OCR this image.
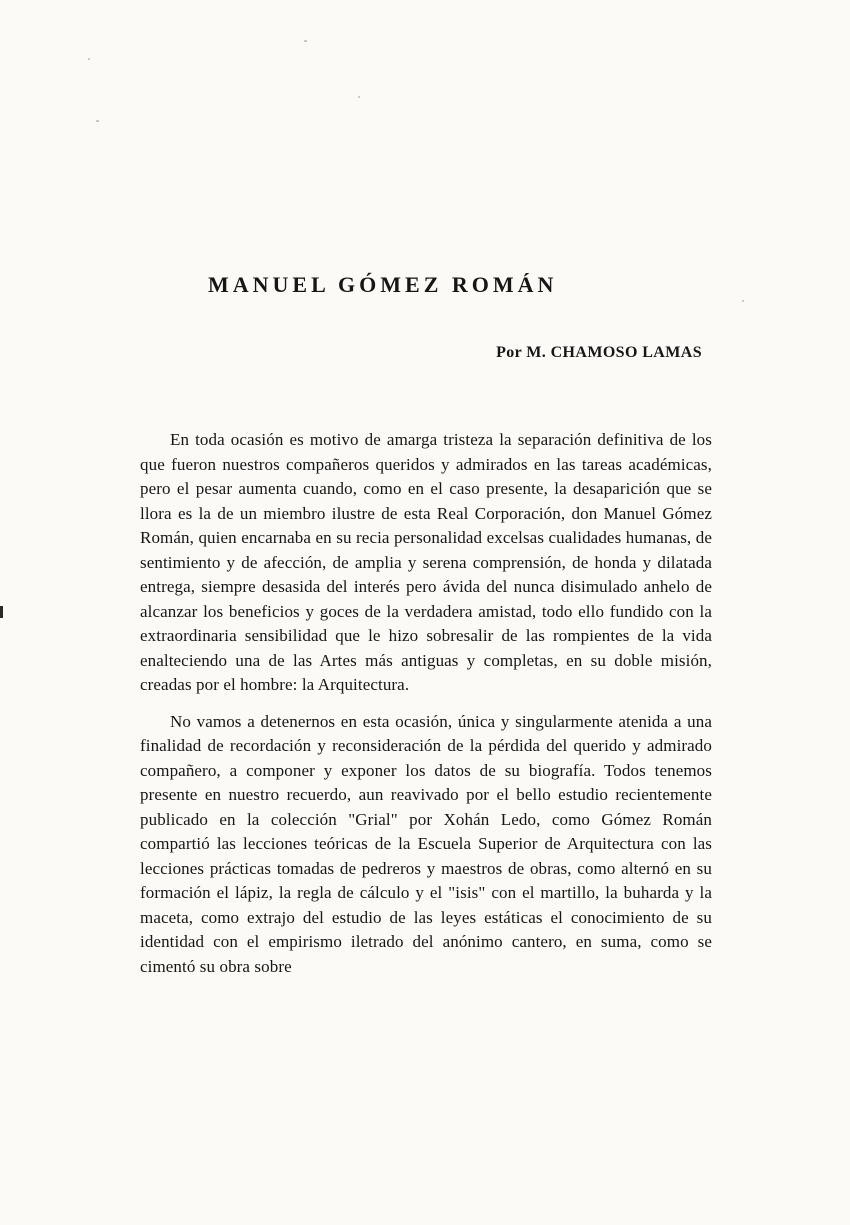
MANUEL GÓMEZ ROMÁN
Por M. CHAMOSO LAMAS

En toda ocasión es motivo de amarga tristeza la separación definitiva de los que fueron nuestros compañeros queridos y admirados en las tareas académicas, pero el pesar aumenta cuando, como en el caso presente, la desaparición que se llora es la de un miembro ilustre de esta Real Corporación, don Manuel Gómez Román, quien encarnaba en su recia personalidad excelsas cualidades humanas, de sentimiento y de afección, de amplia y serena comprensión, de honda y dilatada entrega, siempre desasida del interés pero ávida del nunca disimulado anhelo de alcanzar los beneficios y goces de la verdadera amistad, todo ello fundido con la extraordinaria sensibilidad que le hizo sobresalir de las rompientes de la vida enalteciendo una de las Artes más antiguas y completas, en su doble misión, creadas por el hombre: la Arquitectura.

No vamos a detenernos en esta ocasión, única y singularmente atenida a una finalidad de recordación y reconsideración de la pérdida del querido y admirado compañero, a componer y exponer los datos de su biografía. Todos tenemos presente en nuestro recuerdo, aun reavivado por el bello estudio recientemente publicado en la colección "Grial" por Xohán Ledo, como Gómez Román compartió las lecciones teóricas de la Escuela Superior de Arquitectura con las lecciones prácticas tomadas de pedreros y maestros de obras, como alternó en su formación el lápiz, la regla de cálculo y el "isis" con el martillo, la buharda y la maceta, como extrajo del estudio de las leyes estáticas el conocimiento de su identidad con el empirismo iletrado del anónimo cantero, en suma, como se cimentó su obra sobre
